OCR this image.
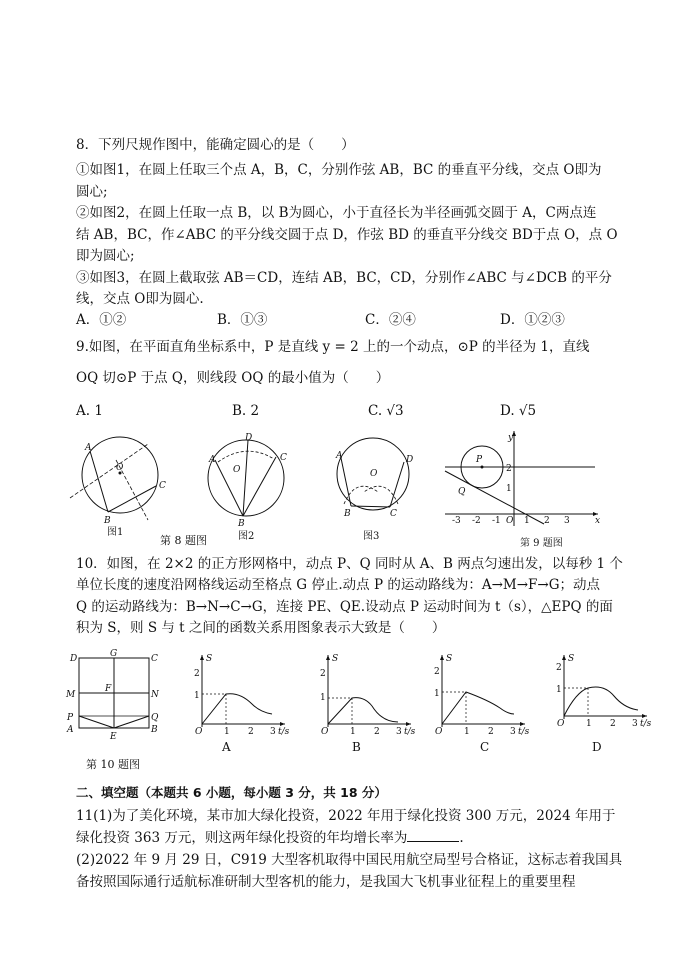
8．下列尺规作图中，能确定圆心的是（　　）
①如图1，在圆上任取三个点 A，B，C，分别作弦 AB，BC 的垂直平分线，交点 O即为
圆心;
②如图2，在圆上任取一点 B，以 B为圆心，小于直径长为半径画弧交圆于 A，C两点连
结 AB，BC，作∠ABC 的平分线交圆于点 D，作弦 BD 的垂直平分线交 BD于点 O，点 O
即为圆心;
③如图3，在圆上截取弦 AB＝CD，连结 AB，BC，CD，分别作∠ABC 与∠DCB 的平分
线，交点 O即为圆心.
A．①②	B．①③	C．②④	D．①②③
9.如图，在平面直角坐标系中，P 是直线 y = 2 上的一个动点，⊙P 的半径为 1，直线
OQ 切⊙P 于点 Q，则线段 OQ 的最小值为（　　）
A. 1	B. 2	C. √3	D. √5
A
O
C
B
图1
第 8 题图
A
D
O
C
B
图2
A
O
D
B	C
图3
P
Q
y
2
1
O 1 2 3	x
-3 -2 -1
第 9 题图
10．如图，在 2×2 的正方形网格中，动点 P、Q 同时从 A、B 两点匀速出发，以每秒 1 个
单位长度的速度沿网格线运动至格点 G 停止.动点 P 的运动路线为：A→M→F→G；动点
Q 的运动路线为：B→N→C→G，连接 PE、QE.设动点 P 运动时间为 t（s），△EPQ 的面
积为 S，则 S 与 t 之间的函数关系用图象表示大致是（　　）
D	G	C
M
F
N
P	Q
A
E
B
第 10 题图
S
2
1
O 1 2 3 t/s
A
S
2
1
O 1 2 3 t/s
B
S
2
1
O 1 2 3 t/s
C
S
2
1
O 1 2 3 t/s
D
二、填空题（本题共 6 小题，每小题 3 分，共 18 分）
11(1)为了美化环境，某市加大绿化投资，2022 年用于绿化投资 300 万元，2024 年用于
绿化投资 363 万元，则这两年绿化投资的年均增长率为	.
(2)2022 年 9 月 29 日，C919 大型客机取得中国民用航空局型号合格证，这标志着我国具
备按照国际通行适航标准研制大型客机的能力，是我国大飞机事业征程上的重要里程
